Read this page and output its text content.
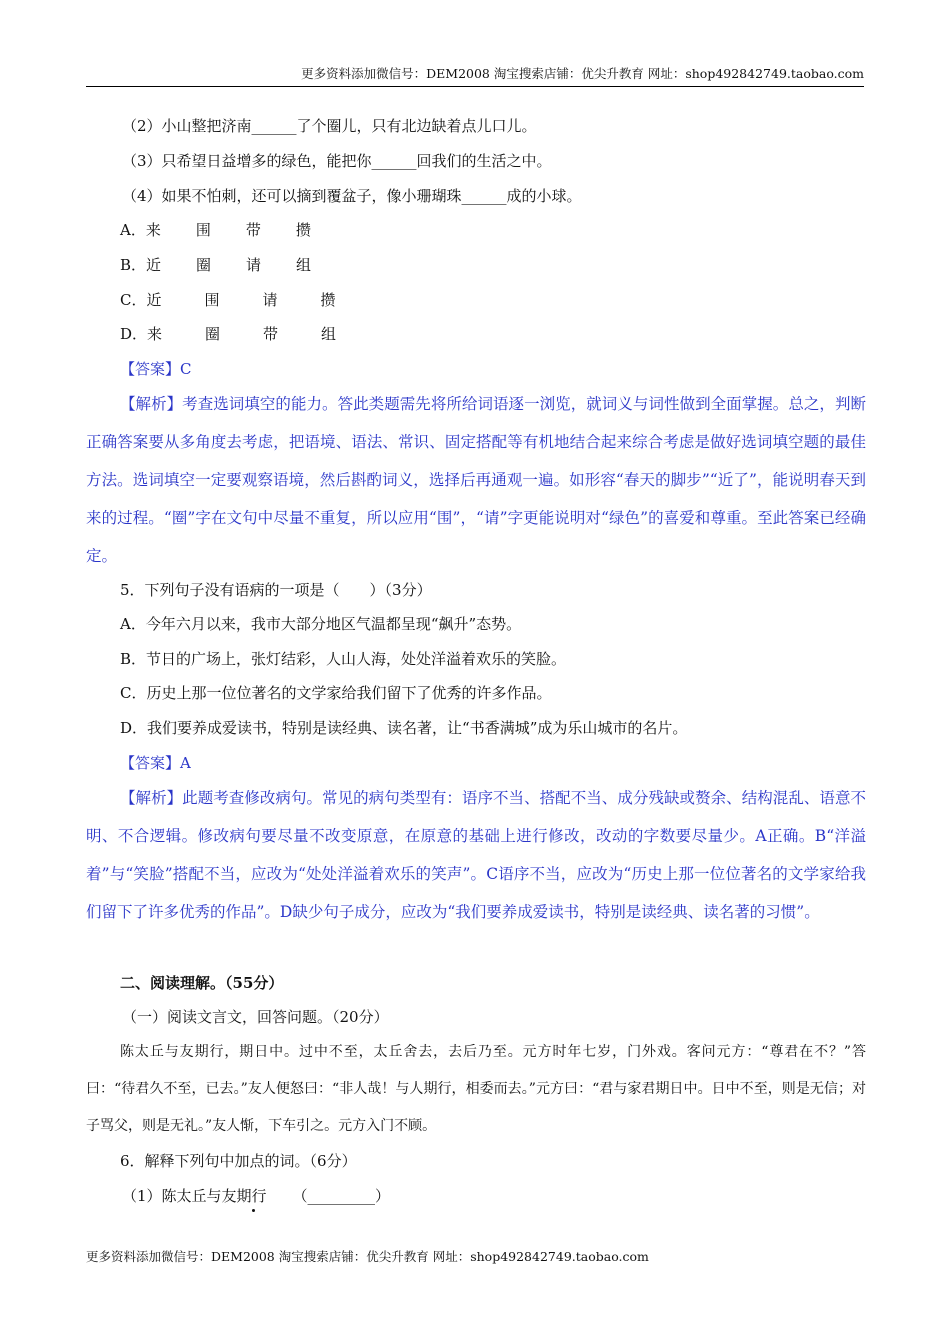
更多资料添加微信号：DEM2008 淘宝搜索店铺：优尖升教育 网址：shop492842749.taobao.com
（2）小山整把济南______了个圈儿，只有北边缺着点儿口儿。
（3）只希望日益增多的绿色，能把你______回我们的生活之中。
（4）如果不怕刺，还可以摘到覆盆子，像小珊瑚珠______成的小球。
A．来 围 带 攒
B．近 圈 请 组
C．近	围	请	攒
D．来	圈	带	组
【答案】C
【解析】考查选词填空的能力。答此类题需先将所给词语逐一浏览，就词义与词性做到全面掌握。总之，判断正确答案要从多角度去考虑，把语境、语法、常识、固定搭配等有机地结合起来综合考虑是做好选词填空题的最佳方法。选词填空一定要观察语境，然后斟酌词义，选择后再通观一遍。如形容“春天的脚步”“近了”，能说明春天到来的过程。“圈”字在文句中尽量不重复，所以应用“围”，“请”字更能说明对“绿色”的喜爱和尊重。至此答案已经确定。
5．下列句子没有语病的一项是（　　）（3分）
A．今年六月以来，我市大部分地区气温都呈现“飙升”态势。
B．节日的广场上，张灯结彩，人山人海，处处洋溢着欢乐的笑脸。
C．历史上那一位位著名的文学家给我们留下了优秀的许多作品。
D．我们要养成爱读书，特别是读经典、读名著，让“书香满城”成为乐山城市的名片。
【答案】A
【解析】此题考查修改病句。常见的病句类型有：语序不当、搭配不当、成分残缺或赘余、结构混乱、语意不明、不合逻辑。修改病句要尽量不改变原意，在原意的基础上进行修改，改动的字数要尽量少。A正确。B“洋溢着”与“笑脸”搭配不当，应改为“处处洋溢着欢乐的笑声”。C语序不当，应改为“历史上那一位位著名的文学家给我们留下了许多优秀的作品”。D缺少句子成分，应改为“我们要养成爱读书，特别是读经典、读名著的习惯”。
二、阅读理解。（55分）
（一）阅读文言文，回答问题。（20分）
陈太丘与友期行，期日中。过中不至，太丘舍去，去后乃至。元方时年七岁，门外戏。客问元方：“尊君在不？”答曰：“待君久不至，已去。”友人便怒曰：“非人哉！与人期行，相委而去。”元方曰：“君与家君期日中。日中不至，则是无信；对子骂父，则是无礼。”友人惭，下车引之。元方入门不顾。
6．解释下列句中加点的词。（6分）
（1）陈太丘与友期行 （_________）
更多资料添加微信号：DEM2008 淘宝搜索店铺：优尖升教育 网址：shop492842749.taobao.com
